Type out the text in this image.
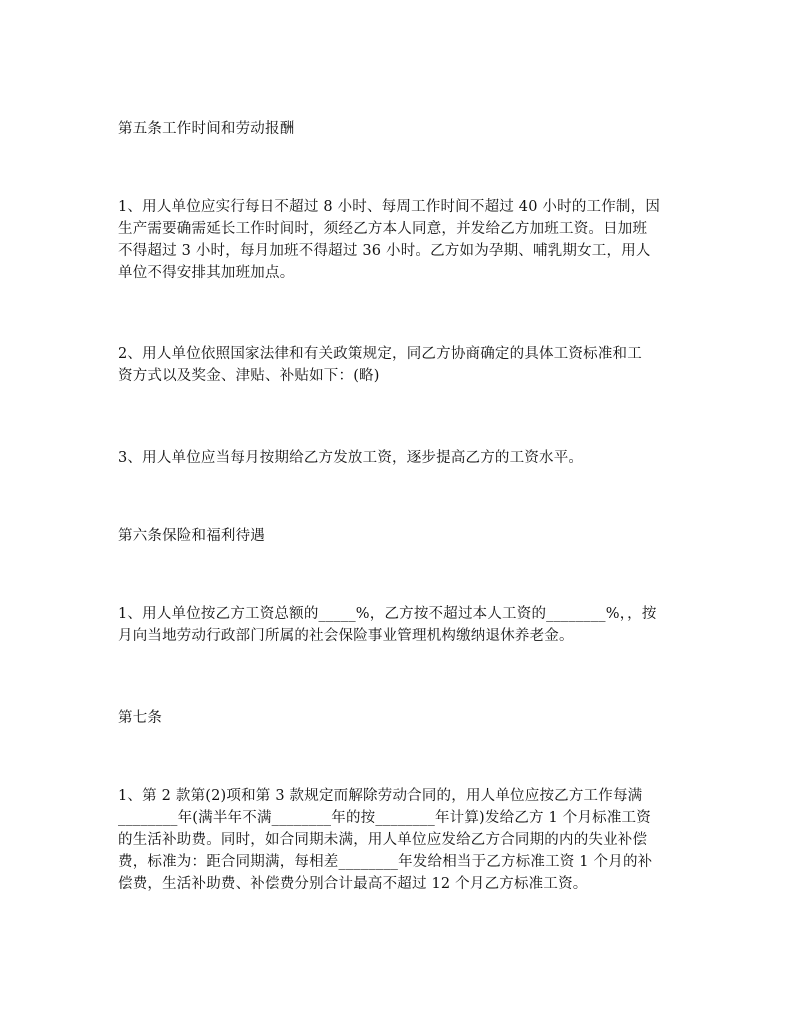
第五条工作时间和劳动报酬
1、用人单位应实行每日不超过 8 小时、每周工作时间不超过 40 小时的工作制，因
生产需要确需延长工作时间时，须经乙方本人同意，并发给乙方加班工资。日加班
不得超过 3 小时，每月加班不得超过 36 小时。乙方如为孕期、哺乳期女工，用人
单位不得安排其加班加点。
2、用人单位依照国家法律和有关政策规定，同乙方协商确定的具体工资标准和工
资方式以及奖金、津贴、补贴如下：(略)
3、用人单位应当每月按期给乙方发放工资，逐步提高乙方的工资水平。
第六条保险和福利待遇
1、用人单位按乙方工资总额的_____%，乙方按不超过本人工资的________%，，按
月向当地劳动行政部门所属的社会保险事业管理机构缴纳退休养老金。
第七条
1、第 2 款第(2)项和第 3 款规定而解除劳动合同的，用人单位应按乙方工作每满
________年(满半年不满________年的按________年计算)发给乙方 1 个月标准工资
的生活补助费。同时，如合同期未满，用人单位应发给乙方合同期的内的失业补偿
费，标准为：距合同期满，每相差________年发给相当于乙方标准工资 1 个月的补
偿费，生活补助费、补偿费分别合计最高不超过 12 个月乙方标准工资。
